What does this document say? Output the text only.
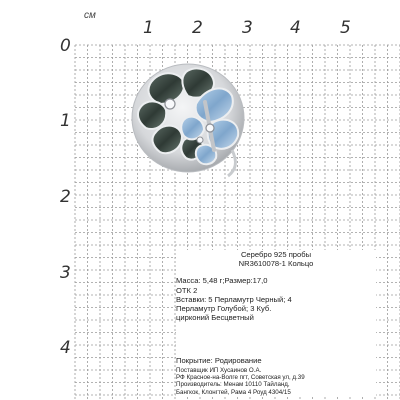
см
0
1
1
2
2
3
3
4
4
5
Серебро 925 пробы
NR3610078-1 Кольцо
Масса: 5,48 г;Размер:17,0
ОТК 2
Вставки: 5 Перламутр Черный; 4
Перламутр Голубой; 3 Куб.
цирконий Бесцветный
Покрытие: Родирование
Поставщик ИП Хусаинов О.А.
РФ Красное-на-Волге пгт, Советская ул, д.39
Производитель: Менам 10110 Тайланд,
Бангкок, Клонгтей, Рама 4 Роуд 4304/15
